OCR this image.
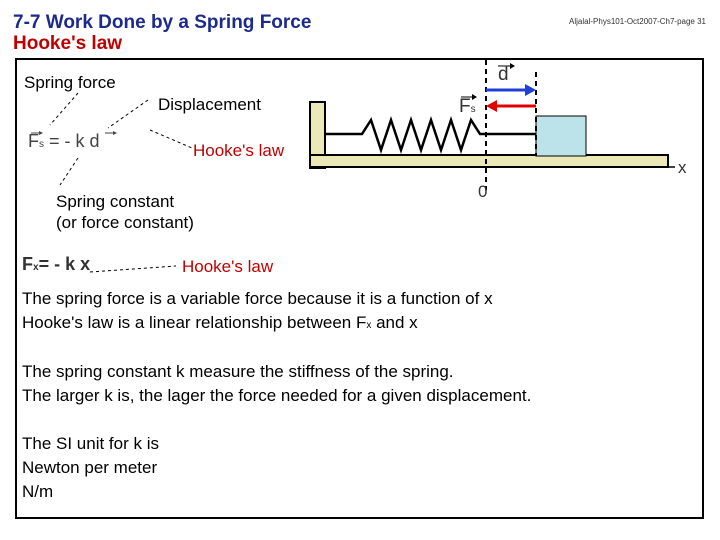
7-7 Work Done by a Spring Force
Hooke's law
Aljalal-Phys101-Oct2007-Ch7-page 31
d
Fs
0
x
Spring force
Displacement
Hooke's law
Spring constant
(or force constant)
Hooke's law
Fs = - k d
Fx= - k x
The spring force is a variable force because it is a function of x
Hooke's law is a linear relationship between Fx and x
The spring constant k measure the stiffness of the spring.
The larger k is, the lager the force needed for a given displacement.
The SI unit for k is
Newton per meter
N/m
